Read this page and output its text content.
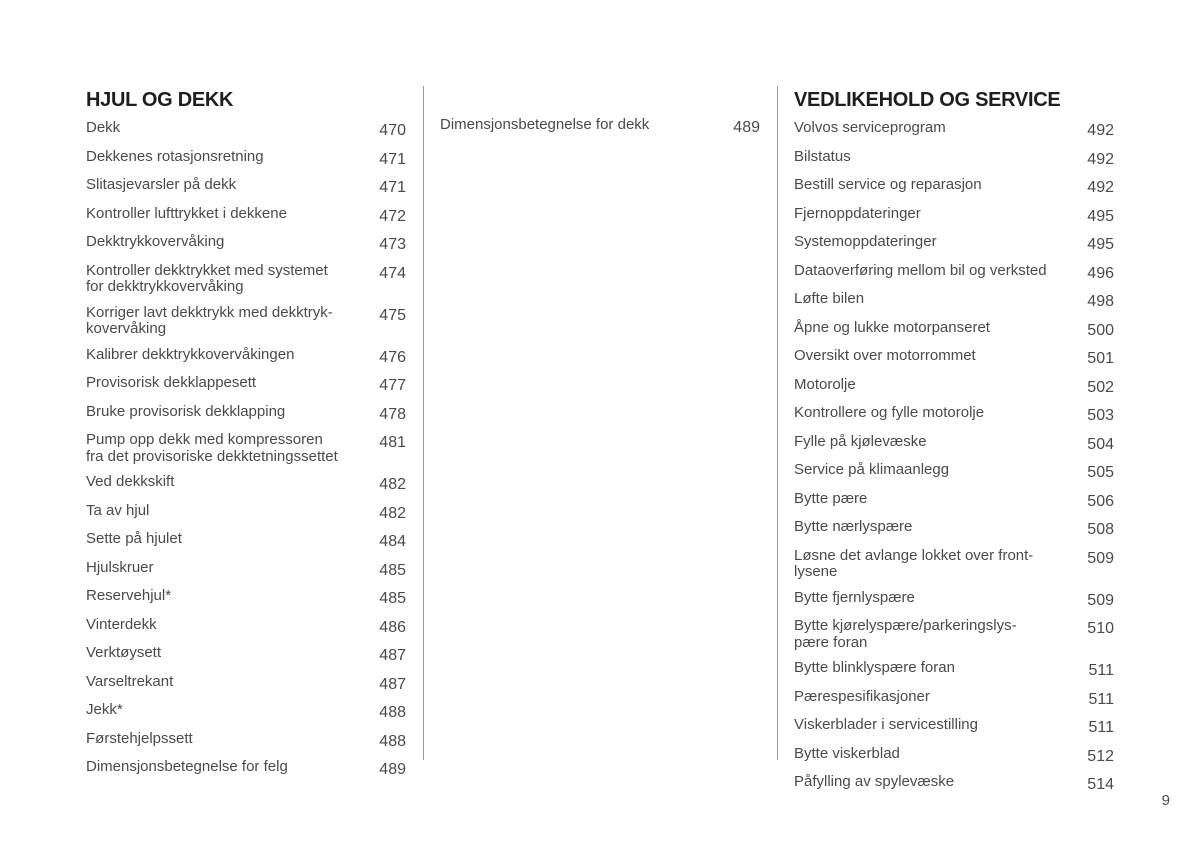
HJUL OG DEKK
Dekk	470
Dekkenes rotasjonsretning	471
Slitasjevarsler på dekk	471
Kontroller lufttrykket i dekkene	472
Dekktrykkovervåking	473
Kontroller dekktrykket med systemet
for dekktrykkovervåking
474
Korriger lavt dekktrykk med dekktryk-
kovervåking
475
Kalibrer dekktrykkovervåkingen	476
Provisorisk dekklappesett	477
Bruke provisorisk dekklapping	478
Pump opp dekk med kompressoren
fra det provisoriske dekktetningssettet
481
Ved dekkskift	482
Ta av hjul	482
Sette på hjulet	484
Hjulskruer	485
Reservehjul*	485
Vinterdekk	486
Verktøysett	487
Varseltrekant	487
Jekk*	488
Førstehjelpssett	488
Dimensjonsbetegnelse for felg	489
Dimensjonsbetegnelse for dekk	489
VEDLIKEHOLD OG SERVICE
Volvos serviceprogram	492
Bilstatus	492
Bestill service og reparasjon	492
Fjernoppdateringer	495
Systemoppdateringer	495
Dataoverføring mellom bil og verksted	496
Løfte bilen	498
Åpne og lukke motorpanseret	500
Oversikt over motorrommet	501
Motorolje	502
Kontrollere og fylle motorolje	503
Fylle på kjølevæske	504
Service på klimaanlegg	505
Bytte pære	506
Bytte nærlyspære	508
Løsne det avlange lokket over front-
lysene
509
Bytte fjernlyspære	509
Bytte kjørelyspære/parkeringslys-
pære foran
510
Bytte blinklyspære foran	511
Pærespesifikasjoner	511
Viskerblader i servicestilling	511
Bytte viskerblad	512
Påfylling av spylevæske	514
9
